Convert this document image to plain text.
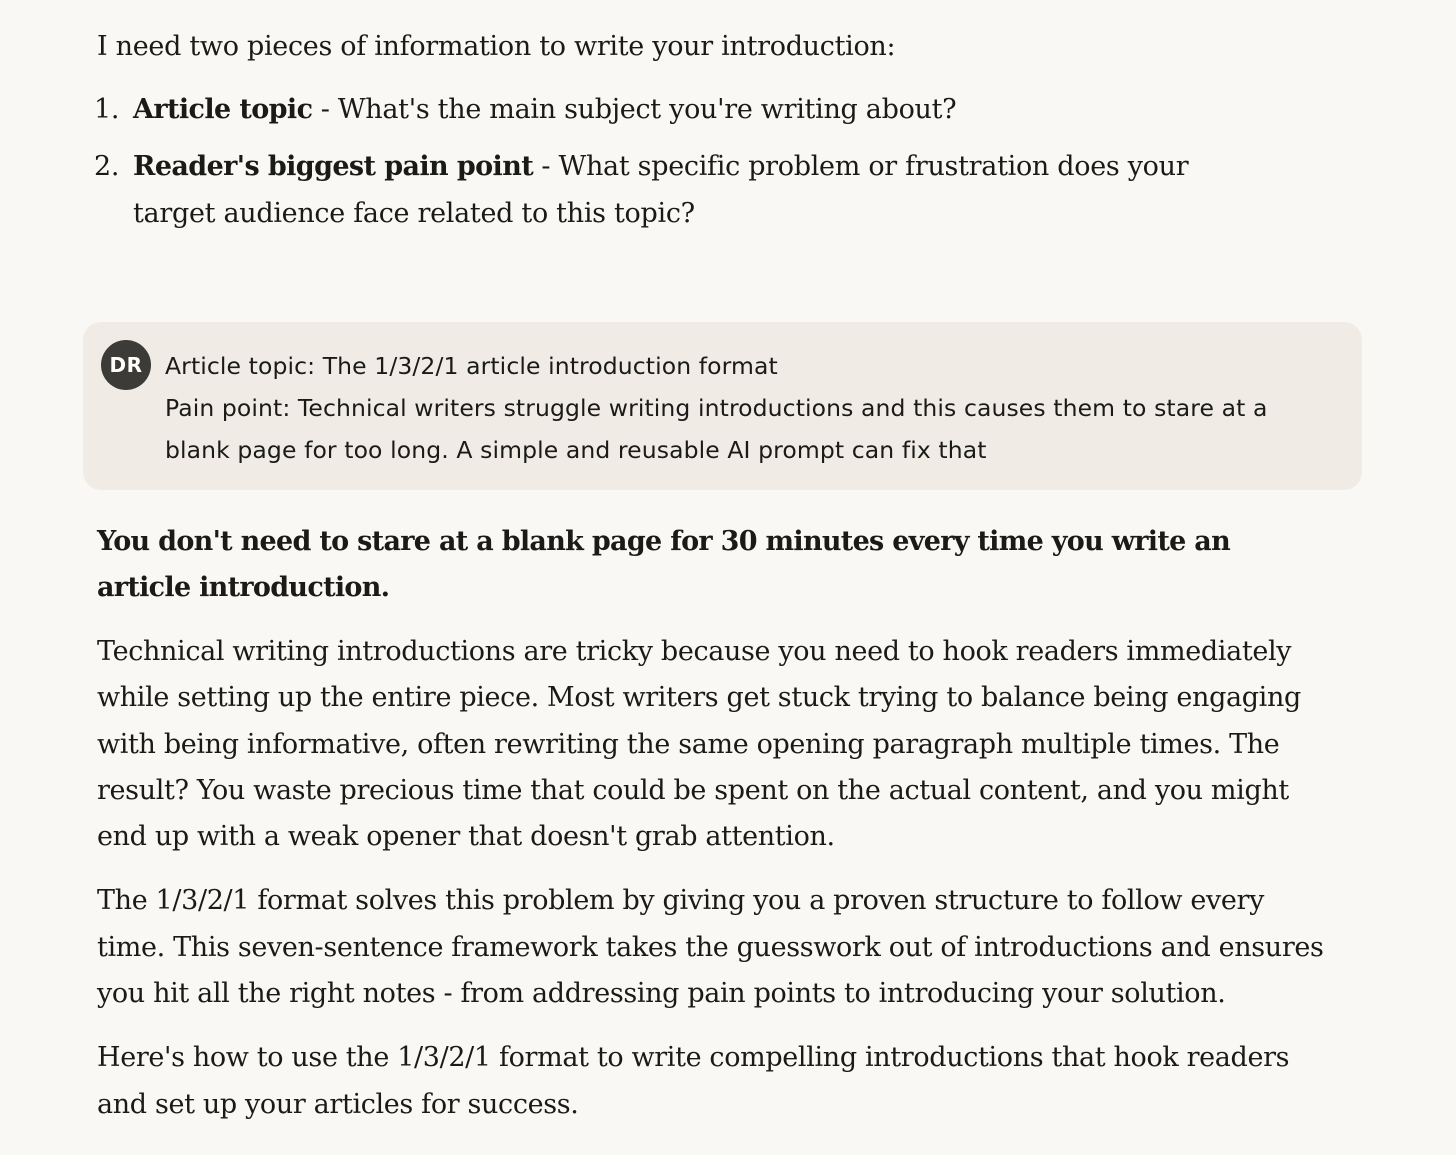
I need two pieces of information to write your introduction:

1. Article topic - What's the main subject you're writing about?
2. Reader's biggest pain point - What specific problem or frustration does your target audience face related to this topic?
DR Article topic: The 1/3/2/1 article introduction format
Pain point: Technical writers struggle writing introductions and this causes them to stare at a blank page for too long. A simple and reusable AI prompt can fix that

You don't need to stare at a blank page for 30 minutes every time you write an article introduction.

Technical writing introductions are tricky because you need to hook readers immediately while setting up the entire piece. Most writers get stuck trying to balance being engaging with being informative, often rewriting the same opening paragraph multiple times. The result? You waste precious time that could be spent on the actual content, and you might end up with a weak opener that doesn't grab attention.

The 1/3/2/1 format solves this problem by giving you a proven structure to follow every time. This seven-sentence framework takes the guesswork out of introductions and ensures you hit all the right notes - from addressing pain points to introducing your solution.

Here's how to use the 1/3/2/1 format to write compelling introductions that hook readers and set up your articles for success.
